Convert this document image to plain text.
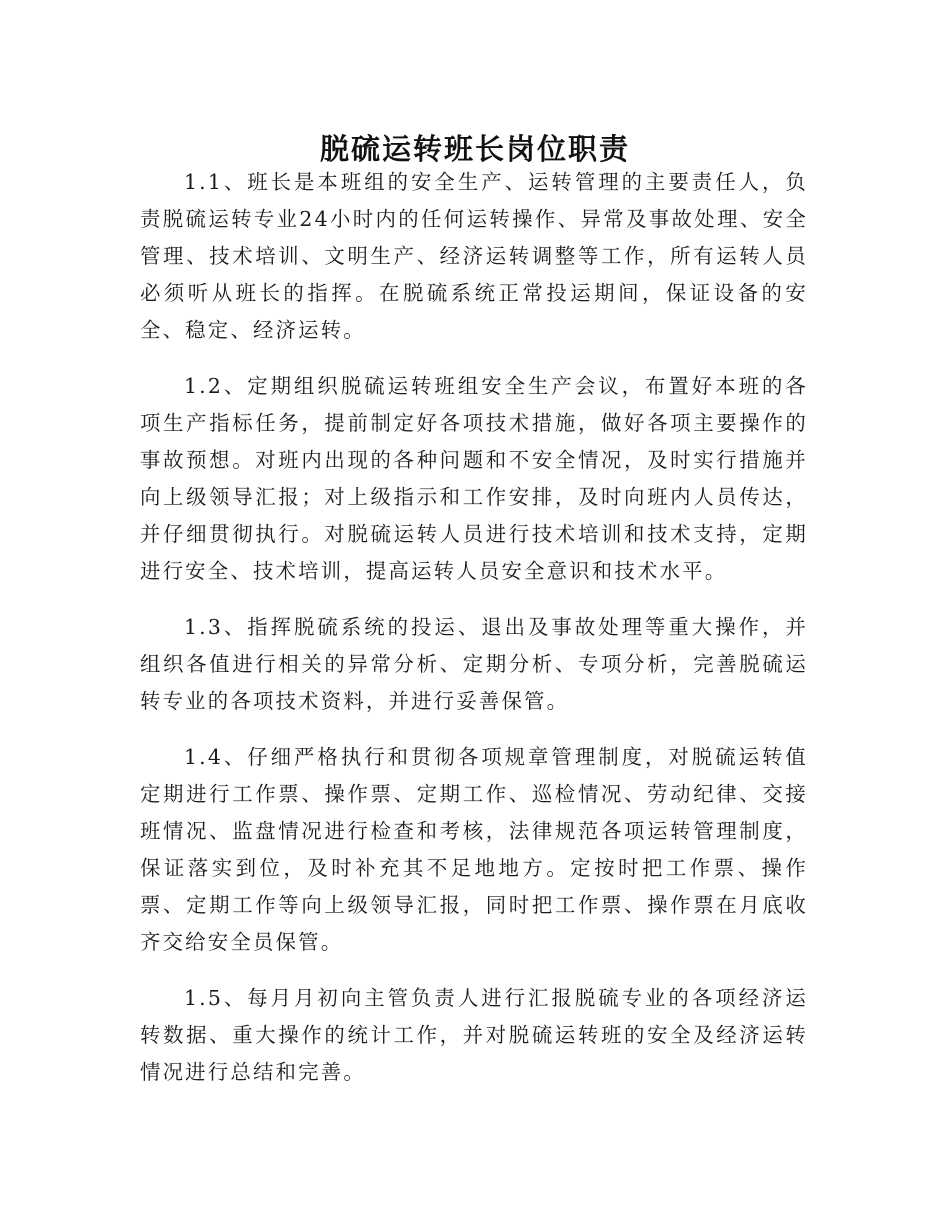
脱硫运转班长岗位职责

1.1、班长是本班组的安全生产、运转管理的主要责任人，负责脱硫运转专业24小时内的任何运转操作、异常及事故处理、安全管理、技术培训、文明生产、经济运转调整等工作，所有运转人员必须听从班长的指挥。在脱硫系统正常投运期间，保证设备的安全、稳定、经济运转。

1.2、定期组织脱硫运转班组安全生产会议，布置好本班的各项生产指标任务，提前制定好各项技术措施，做好各项主要操作的事故预想。对班内出现的各种问题和不安全情况，及时实行措施并向上级领导汇报；对上级指示和工作安排，及时向班内人员传达，并仔细贯彻执行。对脱硫运转人员进行技术培训和技术支持，定期进行安全、技术培训，提高运转人员安全意识和技术水平。

1.3、指挥脱硫系统的投运、退出及事故处理等重大操作，并组织各值进行相关的异常分析、定期分析、专项分析，完善脱硫运转专业的各项技术资料，并进行妥善保管。

1.4、仔细严格执行和贯彻各项规章管理制度，对脱硫运转值定期进行工作票、操作票、定期工作、巡检情况、劳动纪律、交接班情况、监盘情况进行检查和考核，法律规范各项运转管理制度，保证落实到位，及时补充其不足地地方。定按时把工作票、操作票、定期工作等向上级领导汇报，同时把工作票、操作票在月底收齐交给安全员保管。

1.5、每月月初向主管负责人进行汇报脱硫专业的各项经济运转数据、重大操作的统计工作，并对脱硫运转班的安全及经济运转情况进行总结和完善。
